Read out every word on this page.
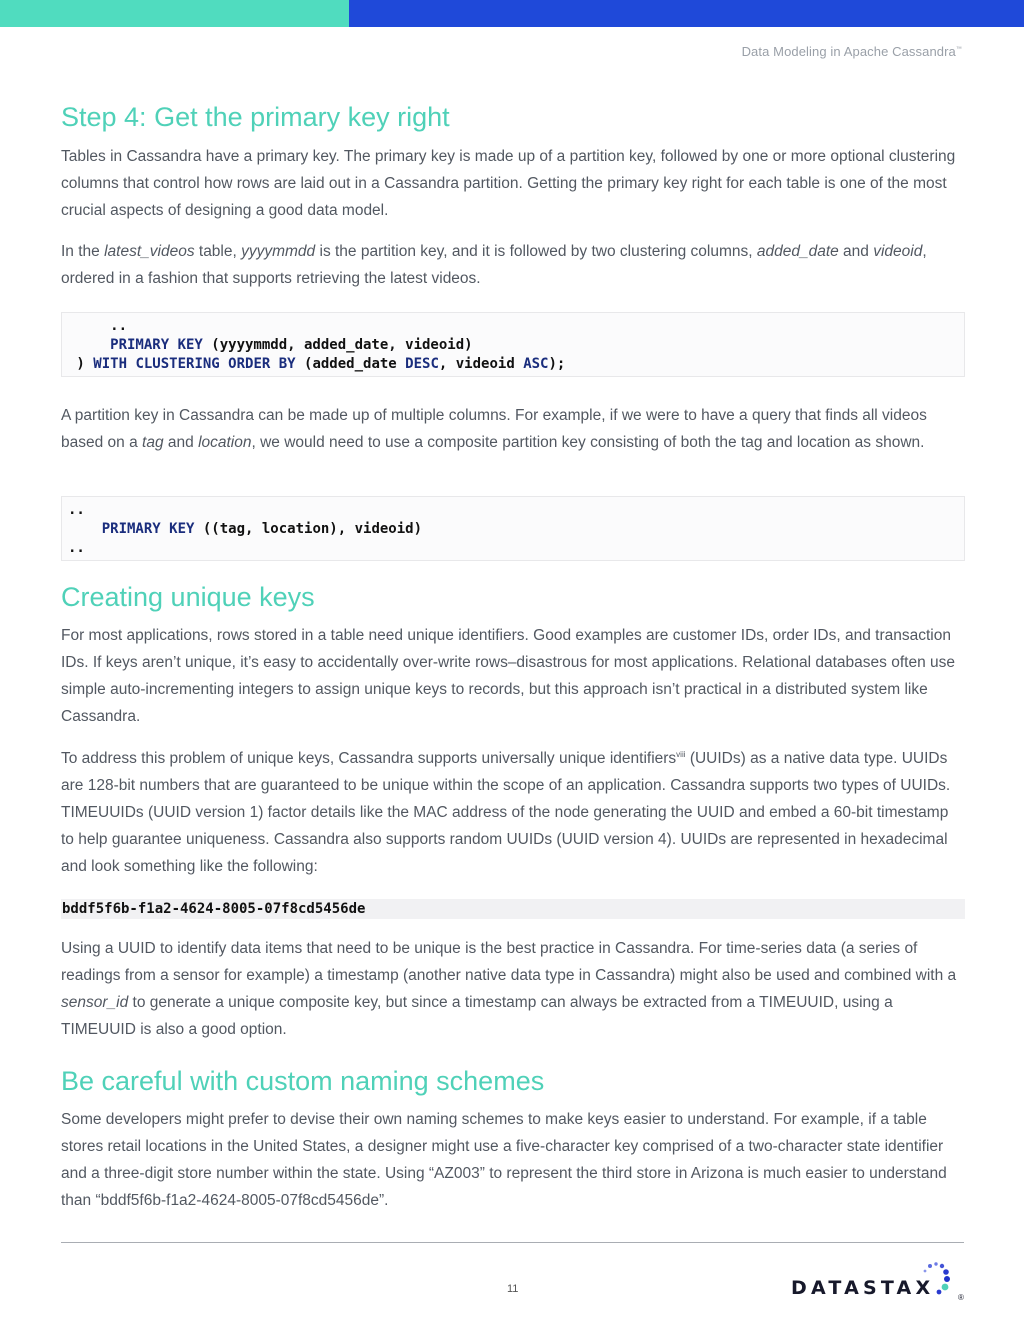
Data Modeling in Apache Cassandra™
Step 4: Get the primary key right

Tables in Cassandra have a primary key. The primary key is made up of a partition key, followed by one or more optional clustering columns that control how rows are laid out in a Cassandra partition. Getting the primary key right for each table is one of the most crucial aspects of designing a good data model.

In the latest_videos table, yyyymmdd is the partition key, and it is followed by two clustering columns, added_date and videoid, ordered in a fashion that supports retrieving the latest videos.

..
PRIMARY KEY (yyyymmdd, added_date, videoid)
) WITH CLUSTERING ORDER BY (added_date DESC, videoid ASC);

A partition key in Cassandra can be made up of multiple columns. For example, if we were to have a query that finds all videos based on a tag and location, we would need to use a composite partition key consisting of both the tag and location as shown.

..
PRIMARY KEY ((tag, location), videoid)
..
Creating unique keys

For most applications, rows stored in a table need unique identifiers. Good examples are customer IDs, order IDs, and transaction IDs. If keys aren’t unique, it’s easy to accidentally over-write rows–disastrous for most applications. Relational databases often use simple auto-incrementing integers to assign unique keys to records, but this approach isn’t practical in a distributed system like Cassandra.

To address this problem of unique keys, Cassandra supports universally unique identifiers$^{viii}$ (UUIDs) as a native data type. UUIDs are 128-bit numbers that are guaranteed to be unique within the scope of an application. Cassandra supports two types of UUIDs. TIMEUUIDs (UUID version 1) factor details like the MAC address of the node generating the UUID and embed a 60-bit timestamp to help guarantee uniqueness. Cassandra also supports random UUIDs (UUID version 4). UUIDs are represented in hexadecimal and look something like the following:

bddf5f6b-f1a2-4624-8005-07f8cd5456de

Using a UUID to identify data items that need to be unique is the best practice in Cassandra. For time-series data (a series of readings from a sensor for example) a timestamp (another native data type in Cassandra) might also be used and combined with a sensor_id to generate a unique composite key, but since a timestamp can always be extracted from a TIMEUUID, using a TIMEUUID is also a good option.

Be careful with custom naming schemes

Some developers might prefer to devise their own naming schemes to make keys easier to understand. For example, if a table stores retail locations in the United States, a designer might use a five-character key comprised of a two-character state identifier and a three-digit store number within the state. Using “AZ003” to represent the third store in Arizona is much easier to understand than “bddf5f6b-f1a2-4624-8005-07f8cd5456de”.

11	DATASTAX	®
